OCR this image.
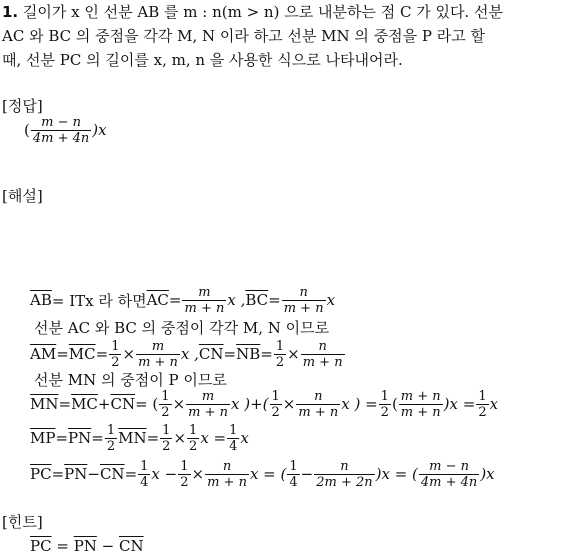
1. 길이가 x 인 선분 AB 를 m : n(m > n) 으로 내분하는 점 C 가 있다. 선분
AC 와 BC 의 중점을 각각 M, N 이라 하고 선분 MN 의 중점을 P 라고 할
때, 선분 PC 의 길이를 x, m, n 을 사용한 식으로 나타내어라.
[정답]
( $\frac{m - n}{4m + 4n} )x$
[해설]
$\overline{AB}$ = ITx 라 하면 $\overline{AC} = \frac{m}{m + n}$ x , $\overline{BC} = \frac{n}{m + n}$ x
선분 AC 와 BC 의 중점이 각각 M, N 이므로
$\overline{AM} = \overline{MC} = \frac{1}{2} \times \frac{m}{m + n}$ x , $\overline{CN} = \overline{NB} = \frac{1}{2} \times \frac{n}{m + n}$
선분 MN 의 중점이 P 이므로
$\overline{MN} = \overline{MC} + \overline{CN}$ = ( $\frac{1}{2} \times \frac{m}{m + n}$ x )+( $\frac{1}{2} \times \frac{n}{m + n}$ x ) = $\frac{1}{2}$ ( $\frac{m + n}{m + n} )x = \frac{1}{2}$ x
$\overline{MP} = \overline{PN} = \frac{1}{2} \overline{MN} = \frac{1}{2} \times \frac{1}{2}$ $x = \frac{1}{4}$ x
$\overline{PC} = \overline{PN} - \overline{CN} = \frac{1}{4}$ $x - \frac{1}{2} \times \frac{n}{m + n}$ x = ( $\frac{1}{4} - \frac{n}{2m + 2n} )x$ = ( $\frac{m - n}{4m + 4n} )x$
[힌트]
$\overline{PC} = \overline{PN} - \overline{CN}$
